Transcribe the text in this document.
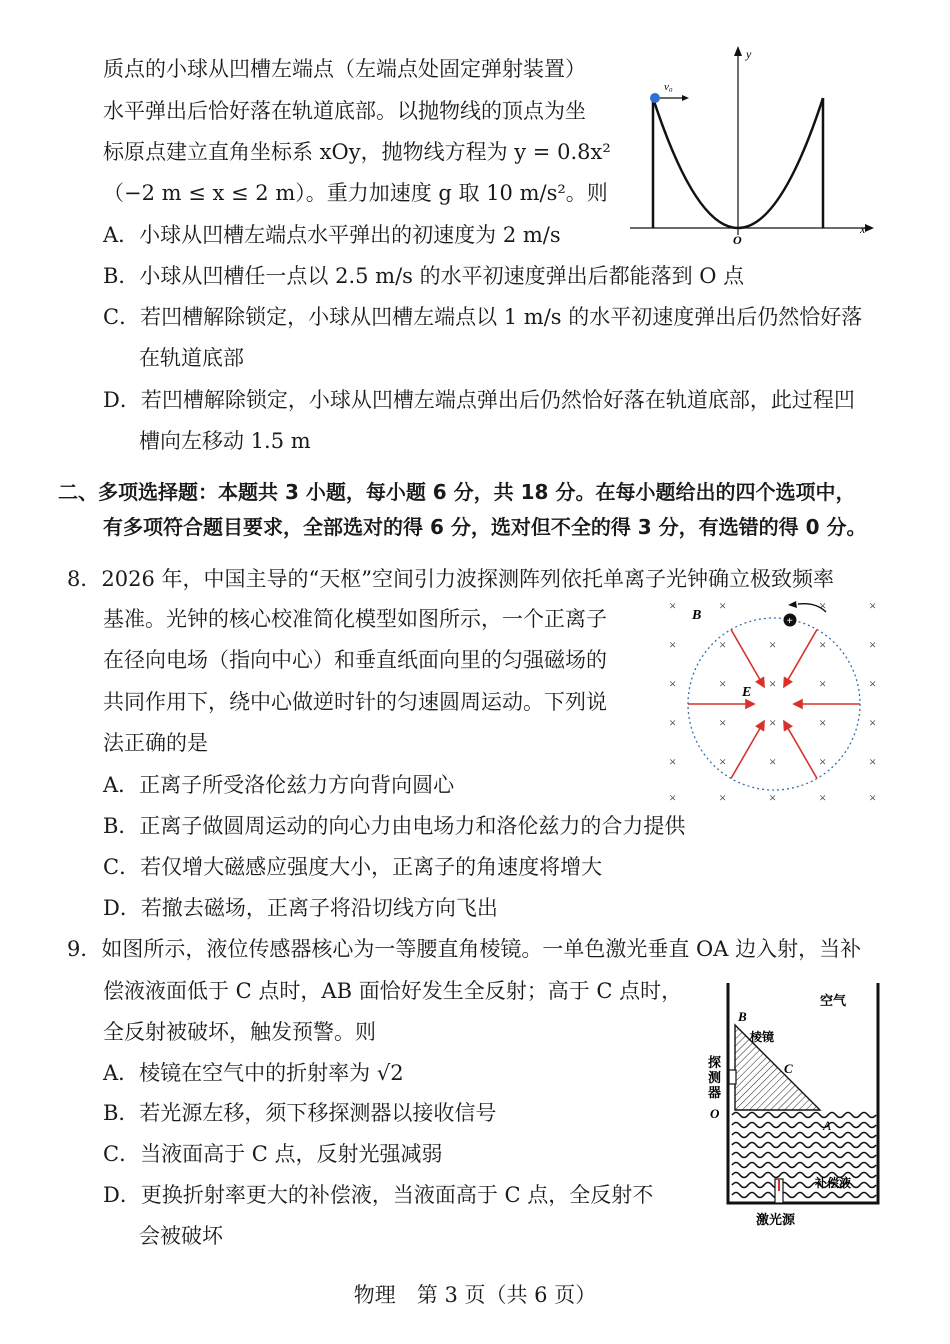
质点的小球从凹槽左端点（左端点处固定弹射装置）
水平弹出后恰好落在轨道底部。以抛物线的顶点为坐
标原点建立直角坐标系 xOy，抛物线方程为 y = 0.8x²
（−2 m ≤ x ≤ 2 m）。重力加速度 g 取 10 m/s²。则
A．小球从凹槽左端点水平弹出的初速度为 2 m/s
B．小球从凹槽任一点以 2.5 m/s 的水平初速度弹出后都能落到 O 点
C．若凹槽解除锁定，小球从凹槽左端点以 1 m/s 的水平初速度弹出后仍然恰好落
在轨道底部
D．若凹槽解除锁定，小球从凹槽左端点弹出后仍然恰好落在轨道底部，此过程凹
槽向左移动 1.5 m
v₀
y
x
O
二、多项选择题：本题共 3 小题，每小题 6 分，共 18 分。在每小题给出的四个选项中，
有多项符合题目要求，全部选对的得 6 分，选对但不全的得 3 分，有选错的得 0 分。
8．2026 年，中国主导的“天枢”空间引力波探测阵列依托单离子光钟确立极致频率
基准。光钟的核心校准简化模型如图所示，一个正离子
在径向电场（指向中心）和垂直纸面向里的匀强磁场的
共同作用下，绕中心做逆时针的匀速圆周运动。下列说
法正确的是
A．正离子所受洛伦兹力方向背向圆心
B．正离子做圆周运动的向心力由电场力和洛伦兹力的合力提供
C．若仅增大磁感应强度大小，正离子的角速度将增大
D．若撤去磁场，正离子将沿切线方向飞出
×	×	×	×
×	×	×	×	×
×	×	×	×	×
×	×	×	×	×
×	×	×	×	×
×	×	×	×	×
+
B
E
9．如图所示，液位传感器核心为一等腰直角棱镜。一单色激光垂直 OA 边入射，当补
偿液液面低于 C 点时，AB 面恰好发生全反射；高于 C 点时，
全反射被破坏，触发预警。则
A．棱镜在空气中的折射率为 √2
B．若光源左移，须下移探测器以接收信号
C．当液面高于 C 点，反射光强减弱
D．更换折射率更大的补偿液，当液面高于 C 点，全反射不
会被破坏
空气
B
棱镜
C
探
测
器
O
A
补偿液
激光源
物理　第 3 页（共 6 页）
